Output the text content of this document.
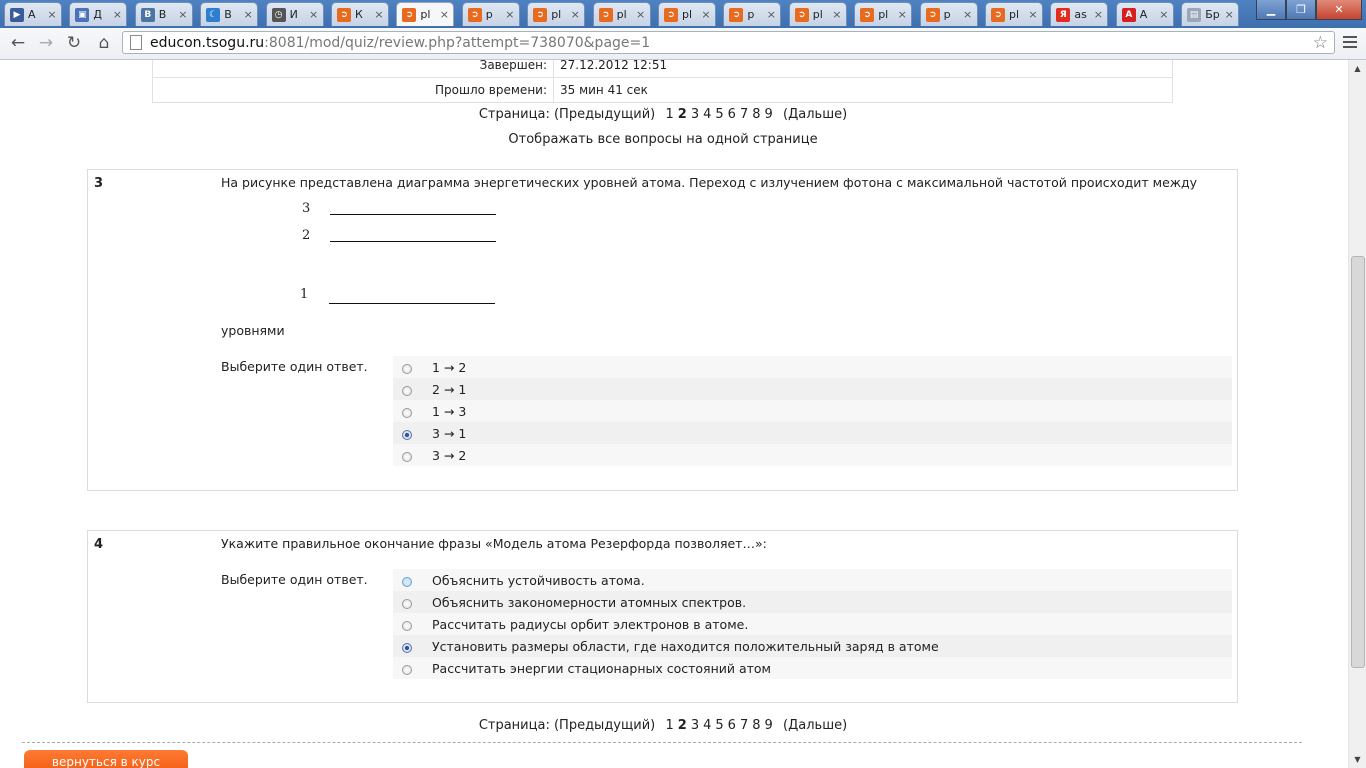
▶ А	×	▣ Д ×	B В	×	☾ В	×	◷ И	×	➲ К	×	➲ pl ×	➲ p	×	➲ pl ×	➲ pl ×	➲ pl ×	➲ p	×	➲ pl ×	➲ pl ×	➲ p	×	➲ pl ×	Я as ×	A А	×	▤ Бр ×	▁	❐	✕
← → ↻	⌂	educon.tsogu.ru :8081/mod/quiz/review.php?attempt=738070&page=1	☆
Завершен:	27.12.2012 12:51
Прошло времени:	35 мин 41 сек
Страница: (Предыдущий) 1 2 3 4 5 6 7 8 9 (Дальше)
Отображать все вопросы на одной странице
3	На рисунке представлена диаграмма энергетических уровней атома. Переход с излучением фотона с максимальной частотой происходит между
3
2
1
уровнями
Выберите один ответ.	1 → 2
2 → 1
1 → 3
3 → 1
3 → 2
4	Укажите правильное окончание фразы «Модель атома Резерфорда позволяет…»:
Выберите один ответ.	Объяснить устойчивость атома.
Объяснить закономерности атомных спектров.
Рассчитать радиусы орбит электронов в атоме.
Установить размеры области, где находится положительный заряд в атоме
Рассчитать энергии стационарных состояний атом
Страница: (Предыдущий) 1 2 3 4 5 6 7 8 9 (Дальше)
вернуться в курс
▲
▼
